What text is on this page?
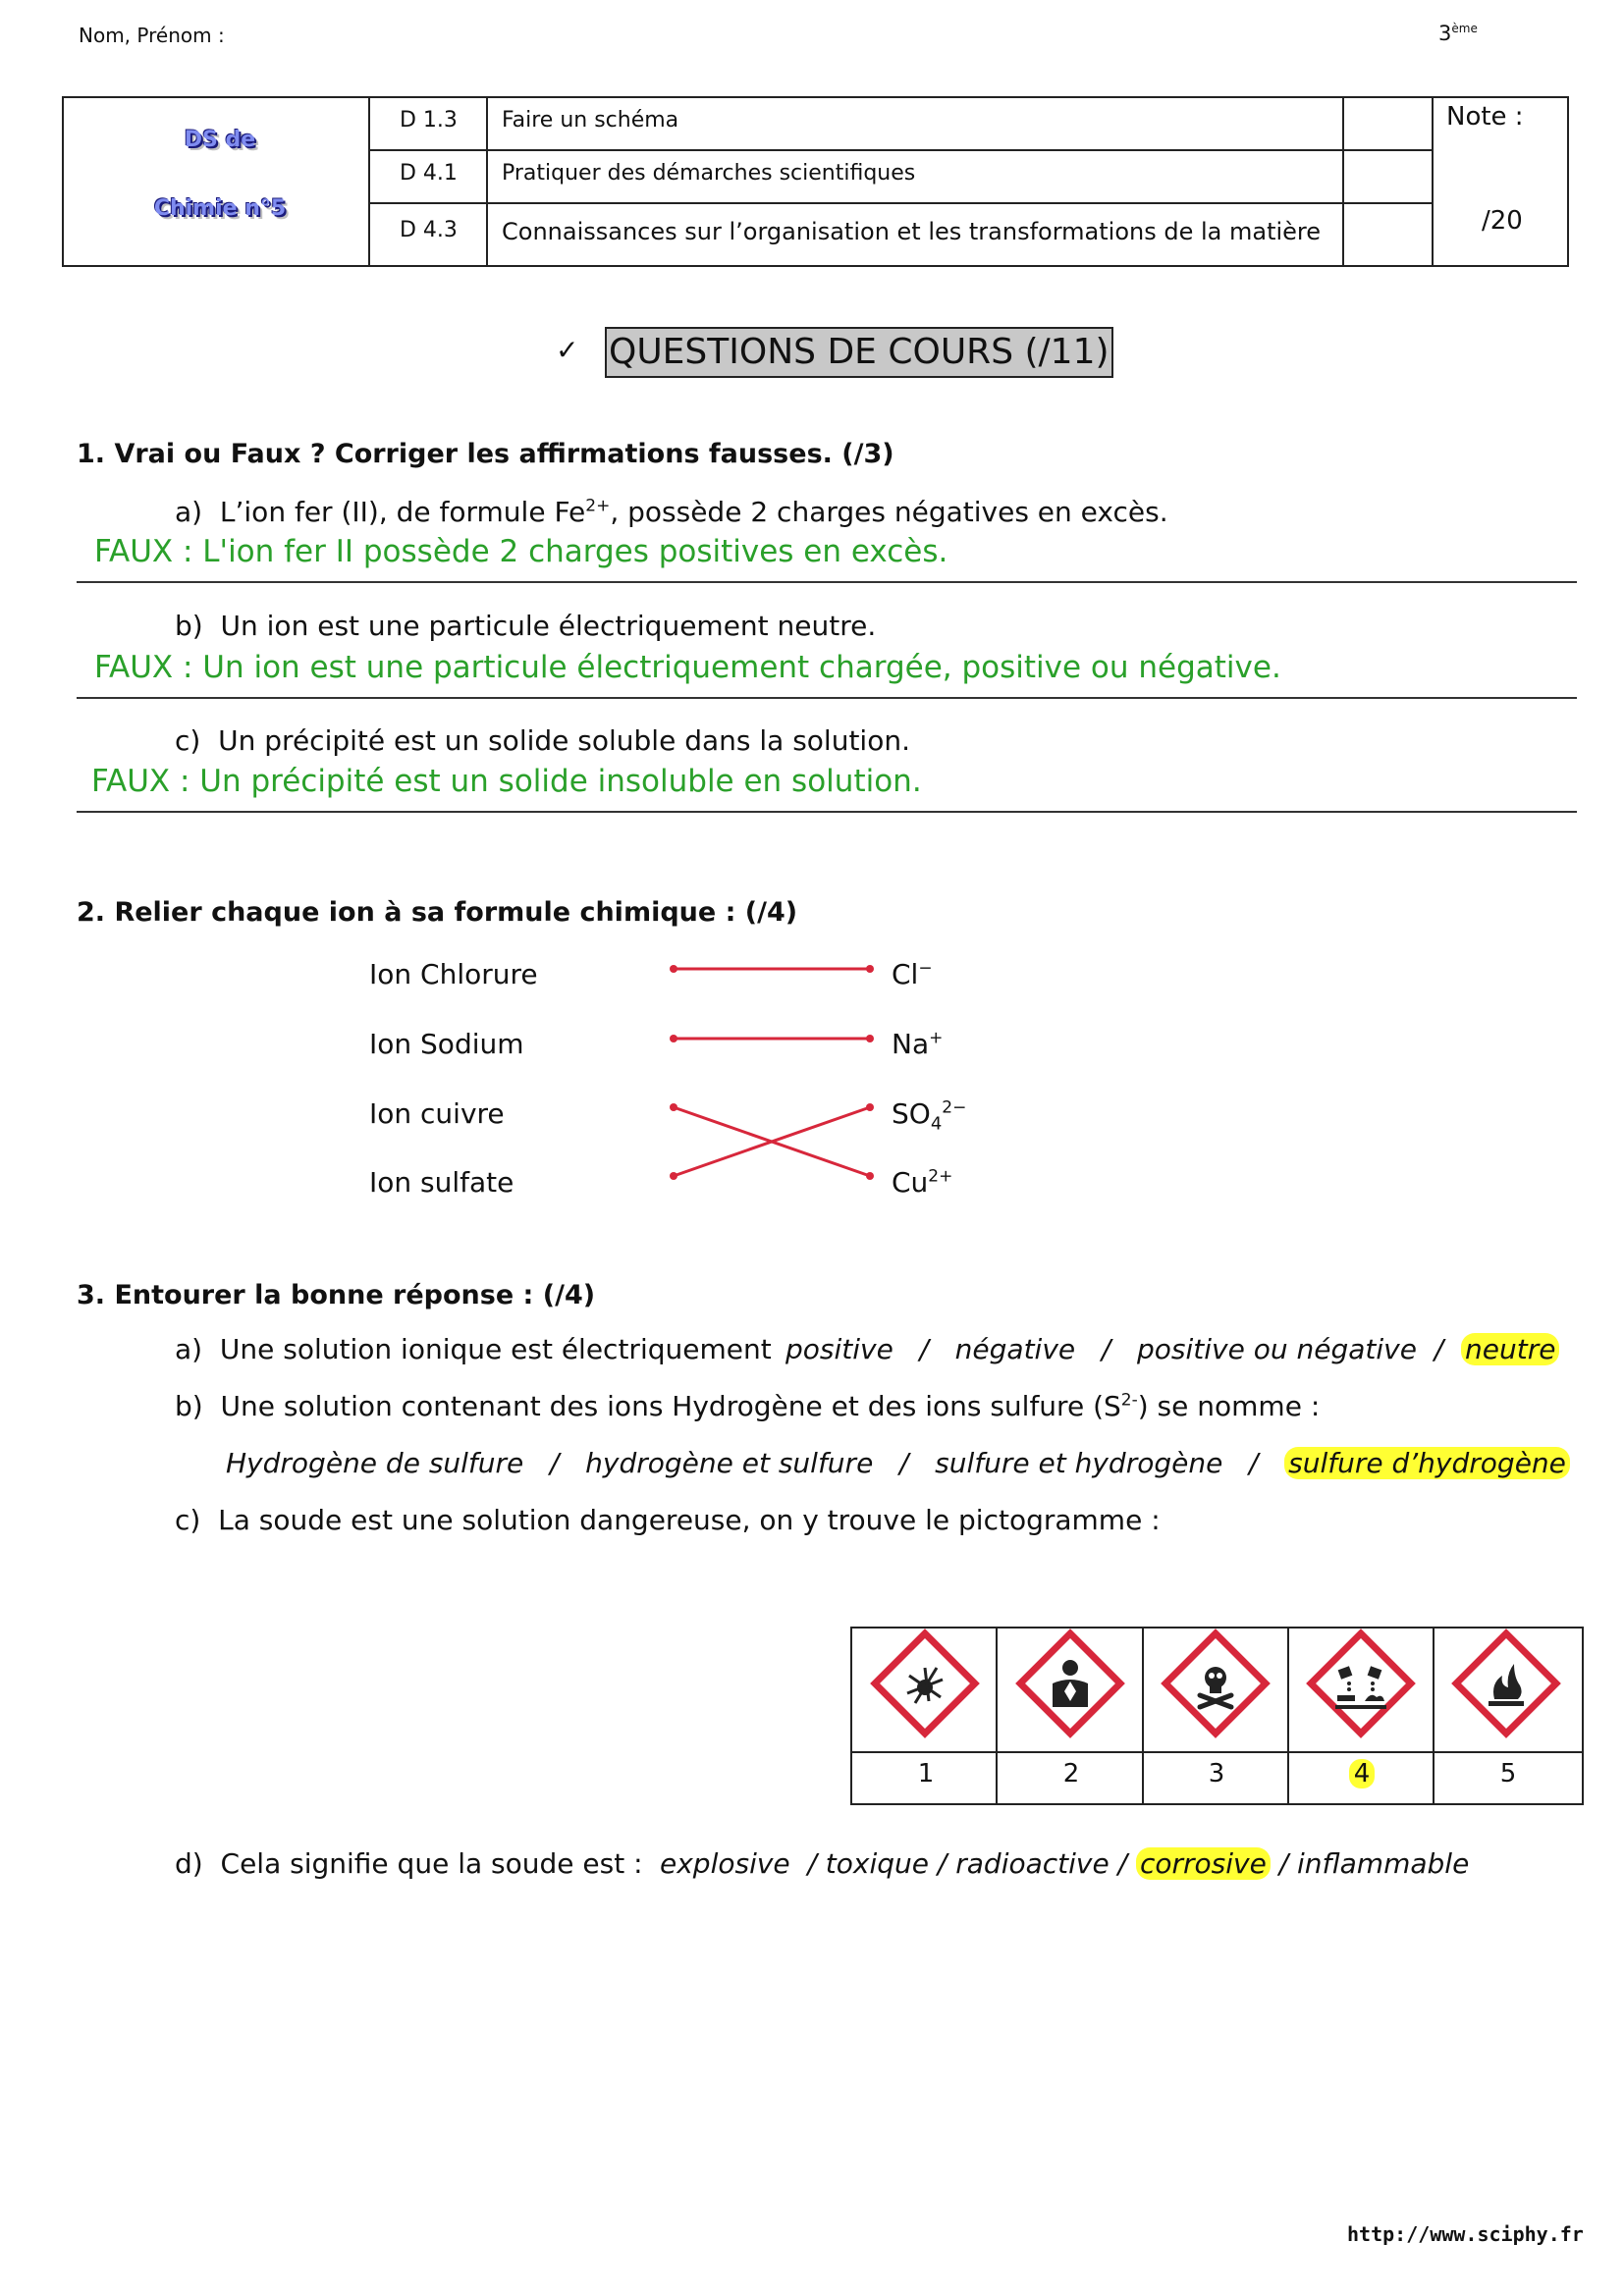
Nom, Prénom :	3ème
DS de
Chimie n°5
D 1.3 Faire un schéma
D 4.1 Pratiquer des démarches scientifiques
D 4.3 Connaissances sur l’organisation et les transformations de la matière
Note :
/20
✓ QUESTIONS DE COURS (/11)
1. Vrai ou Faux ? Corriger les affirmations fausses. (/3)
a) L’ion fer (II), de formule $Fe^{2+}$, possède 2 charges négatives en excès.
FAUX : L'ion fer II possède 2 charges positives en excès.
b) Un ion est une particule électriquement neutre.
FAUX : Un ion est une particule électriquement chargée, positive ou négative.
c) Un précipité est un solide soluble dans la solution.
FAUX : Un précipité est un solide insoluble en solution.
2. Relier chaque ion à sa formule chimique : (/4)
Ion Chlorure
Ion Sodium
Ion cuivre
Ion sulfate
Cl−
Na+
$SO_4^{2-}$
$Cu^{2+}$
3. Entourer la bonne réponse : (/4)
a) Une solution ionique est électriquement positive   /   négative   /   positive ou négative  /  neutre
b) Une solution contenant des ions Hydrogène et des ions sulfure $(S^{2-})$ se nomme :
Hydrogène de sulfure   /   hydrogène et sulfure   /   sulfure et hydrogène   /   sulfure d’hydrogène
c) La soude est une solution dangereuse, on y trouve le pictogramme :
1	2	3	4	5
d) Cela signifie que la soude est : explosive  / toxique / radioactive / corrosive / inflammable
http://www.sciphy.fr
